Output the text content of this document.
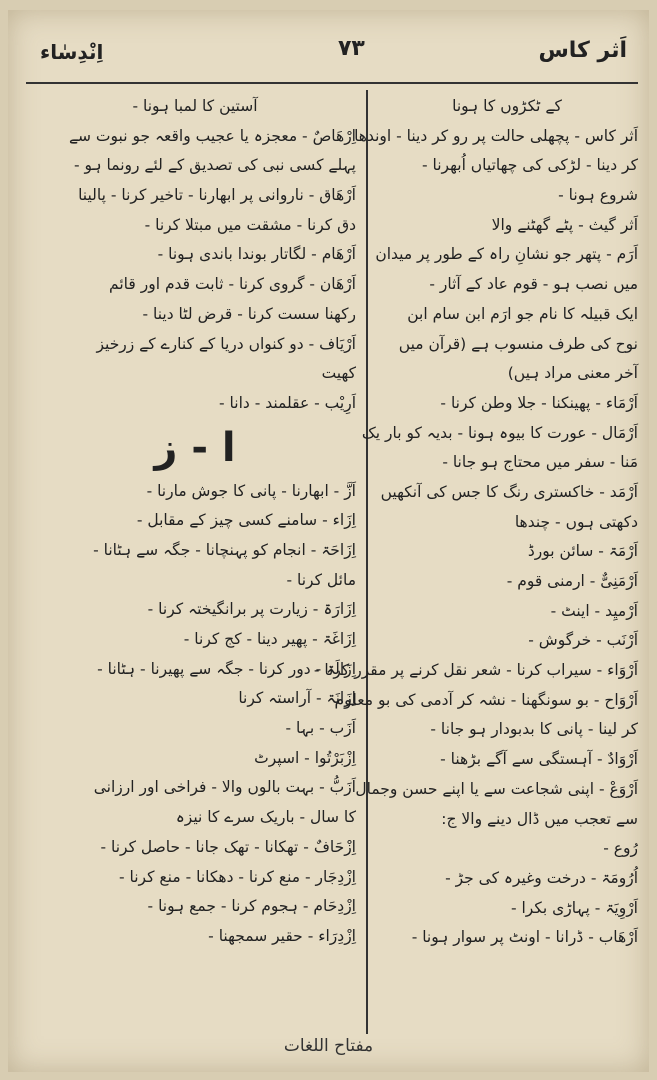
اَثر کاس
۷۳
اِنْدِسٰاء
کے ٹکڑوں کا ہونا
اَثر کاس - پچھلی حالت پر رو کر دینا - اوندھا
کر دینا - لڑکی کی چھاتیاں اُبھرنا -
شروع ہونا -
اَثر گیث - پٹے گھٹنے والا
اَرَم - پتھر جو نشانِ راہ کے طور پر میدان
میں نصب ہو - قوم عاد کے آثار -
ایک قبیلہ کا نام جو ارَم ابن سام ابن
نوح کی طرف منسوب ہے (قرآن میں
آخر معنی مراد ہیں)
اَرْمَاء - پھینکنا - جلا وطن کرنا -
اَرْمَال - عورت کا بیوہ ہونا - بدیہ کو بار یک
مَنا - سفر میں محتاج ہو جانا -
اَرْمَد - خاکستری رنگ کا جس کی آنکھیں
دکھتی ہوں - چندھا
اَرْمَۃ - سائن بورڈ
اَرْمَنِیٌّ - ارمنی قوم -
اَرْمیِد - اینٹ -
اَرْنَب - خرگوش -
اَرْوَاء - سیراب کرنا - شعر نقل کرنے پر مقرر کرنا -
اَرْوَاح - بو سونگھنا - نشہ کر آدمی کی بو معلوم
کر لینا - پانی کا بدبودار ہو جانا -
اَرْوَادٌ - آہستگی سے آگے بڑھنا -
اَرْوَعْ - اپنی شجاعت سے یا اپنے حسن وجمال
سے تعجب میں ڈال دینے والا ج:
رُوع -
اُرُومَۃ - درخت وغیرہ کی جڑ -
اَرْوِیَۃ - پہاڑی بکرا -
اَرْهَاب - ڈرانا - اونٹ پر سوار ہونا -
آستین کا لمبا ہونا -
اِرْهَاصٌ - معجزہ یا عجیب واقعہ جو نبوت سے
پہلے کسی نبی کی تصدیق کے لئے رونما ہو -
اَرْهَاق - ناروانی پر ابھارنا - تاخیر کرنا - پالینا
دق کرنا - مشقت میں مبتلا کرنا -
اَرْهَام - لگاتار بوندا باندی ہونا -
اَرْهَان - گروی کرنا - ثابت قدم اور قائم
رکھنا سست کرنا - قرض لٹا دینا -
اَرْیَاف - دو کنواں دریا کے کنارے کے زرخیز
کھیت
اَرِیْب - عقلمند - دانا -
ا - ز
اَزَّ - ابھارنا - پانی کا جوش مارنا -
اِزَاء - سامنے کسی چیز کے مقابل -
اِزَاحَۃ - انجام کو پہنچانا - جگہ سے ہٹانا -
مائل کرنا -
اِزَارَۃ - زیارت پر برانگیختہ کرنا -
اِزَاغَۃ - پھیر دینا - کج کرنا -
اِزَالَۃ - دور کرنا - جگہ سے پھیرنا - ہٹانا -
اِزَانَۃ - آراستہ کرنا
اَزَب - بہا -
اِزْبَرْتُوا - اسپرٹ
اَزَبُّ - بہت بالوں والا - فراخی اور ارزانی
کا سال - باریک سرے کا نیزہ
اِزْحَافٌ - تھکانا - تھک جانا - حاصل کرنا -
اِزْدِجَار - منع کرنا - دھکانا - منع کرنا -
اِزْدِحَام - ہجوم کرنا - جمع ہونا -
اِزْدِرَاء - حقیر سمجھنا -
مفتاح اللغات
